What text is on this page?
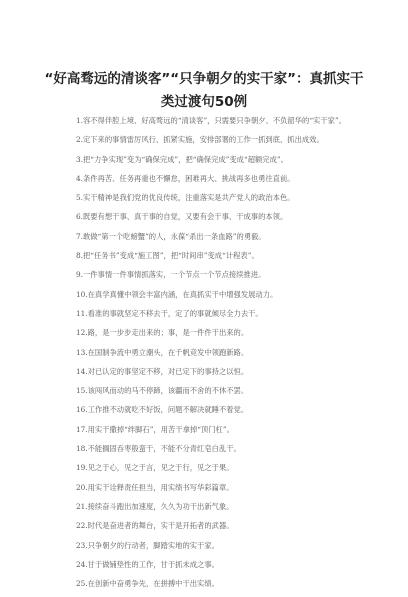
“好高骛远的清谈客”“只争朝夕的实干家”：真抓实干
类过渡句50例
1.容不得伴腔上境、好高骛远的“清谈客”，只需要只争朝夕、不负韶华的“实干家”。
2.定下来的事情雷厉风行、抓紧实施，安排部署的工作一抓到底、抓出成效。
3.把“力争实现”变为“确保完成”，把“确保完成”变成“超额完成”。
4.条件再苦、任务再重也不懈怠，困难再大、挑战再多也勇往直前。
5.实干精神是我们党的优良传统，注重落实是共产党人的政治本色。
6.既要有想干事、真干事的自觉，又要有会干事、干成事的本领。
7.敢做“第一个吃螃蟹”的人，永葆“杀出一条血路”的勇毅。
8.把“任务书”变成“施工图”，把“时间串”变成“计程表”。
9.一件事情一件事情抓落实，一个节点一个节点接续推进。
10.在真学真懂中领会丰富内涵，在真抓实干中增强发展动力。
11.看准的事就坚定不移去干，定了的事就倾尽全力去干。
12.路，是一步步走出来的；事，是一件件干出来的。
13.在国制争流中勇立潮头，在千帆竞发中领跑新路。
14.对已认定的事坚定不移，对已定下的事持之以恒。
15.该闯风而动的马不停蹄，该疆而不舍的不休不罢。
16.工作推不动就吃不好饭，问题不解决就睡不着觉。
17.用实干撒掉“绊脚石”，用苦干拿掉“顶门杠”。
18.不能搁固吞枣般蛮干，不能不分青红皂白乱干。
19.见之于心，见之于言，见之于行，见之于果。
20.用实干诠释责任担当，用实绩书写华彩篇章。
21.接续奋斗跑出加速度，久久为功干出新气象。
22.时代是奋进者的舞台，实干是开拓者的武器。
23.只争朝夕的行动者，脚踏实地的实干家。
24.甘于做铺垫性的工作，甘于抓未成之事。
25.在创新中奋勇争先，在拼搏中干出实绩。
